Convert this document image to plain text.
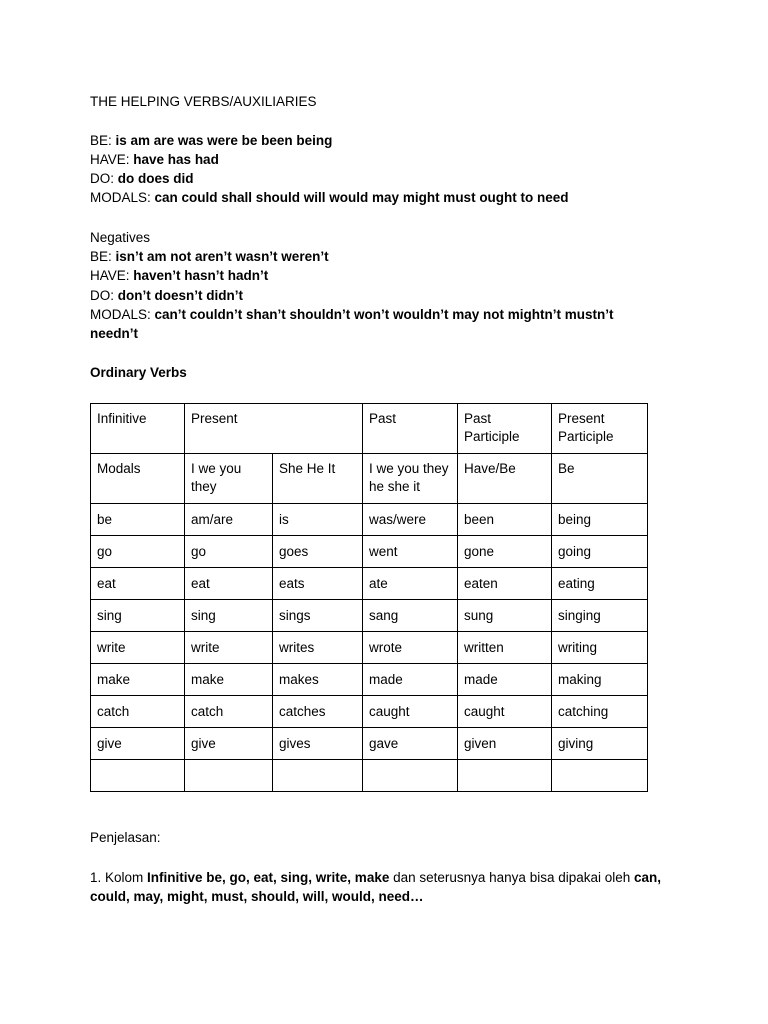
THE HELPING VERBS/AUXILIARIES
BE: is am are was were be been being
HAVE: have has had
DO: do does did
MODALS: can could shall should will would may might must ought to need
Negatives
BE: isn’t am not aren’t wasn’t weren’t
HAVE: haven’t hasn’t hadn’t
DO: don’t doesn’t didn’t
MODALS: can’t couldn’t shan’t shouldn’t won’t wouldn’t may not mightn’t mustn’t
needn’t
Ordinary Verbs
Infinitive	Present		Past	Past Participle	Present Participle
Modals	I we you they	She He It	I we you they he she it	Have/Be	Be
be	am/are	is	was/were	been	being
go	go	goes	went	gone	going
eat	eat	eats	ate	eaten	eating
sing	sing	sings	sang	sung	singing
write	write	writes	wrote	written	writing
make	make	makes	made	made	making
catch	catch	catches	caught	caught	catching
give	give	gives	gave	given	giving

Penjelasan:
1. Kolom Infinitive be, go, eat, sing, write, make dan seterusnya hanya bisa dipakai oleh can,
could, may, might, must, should, will, would, need…
